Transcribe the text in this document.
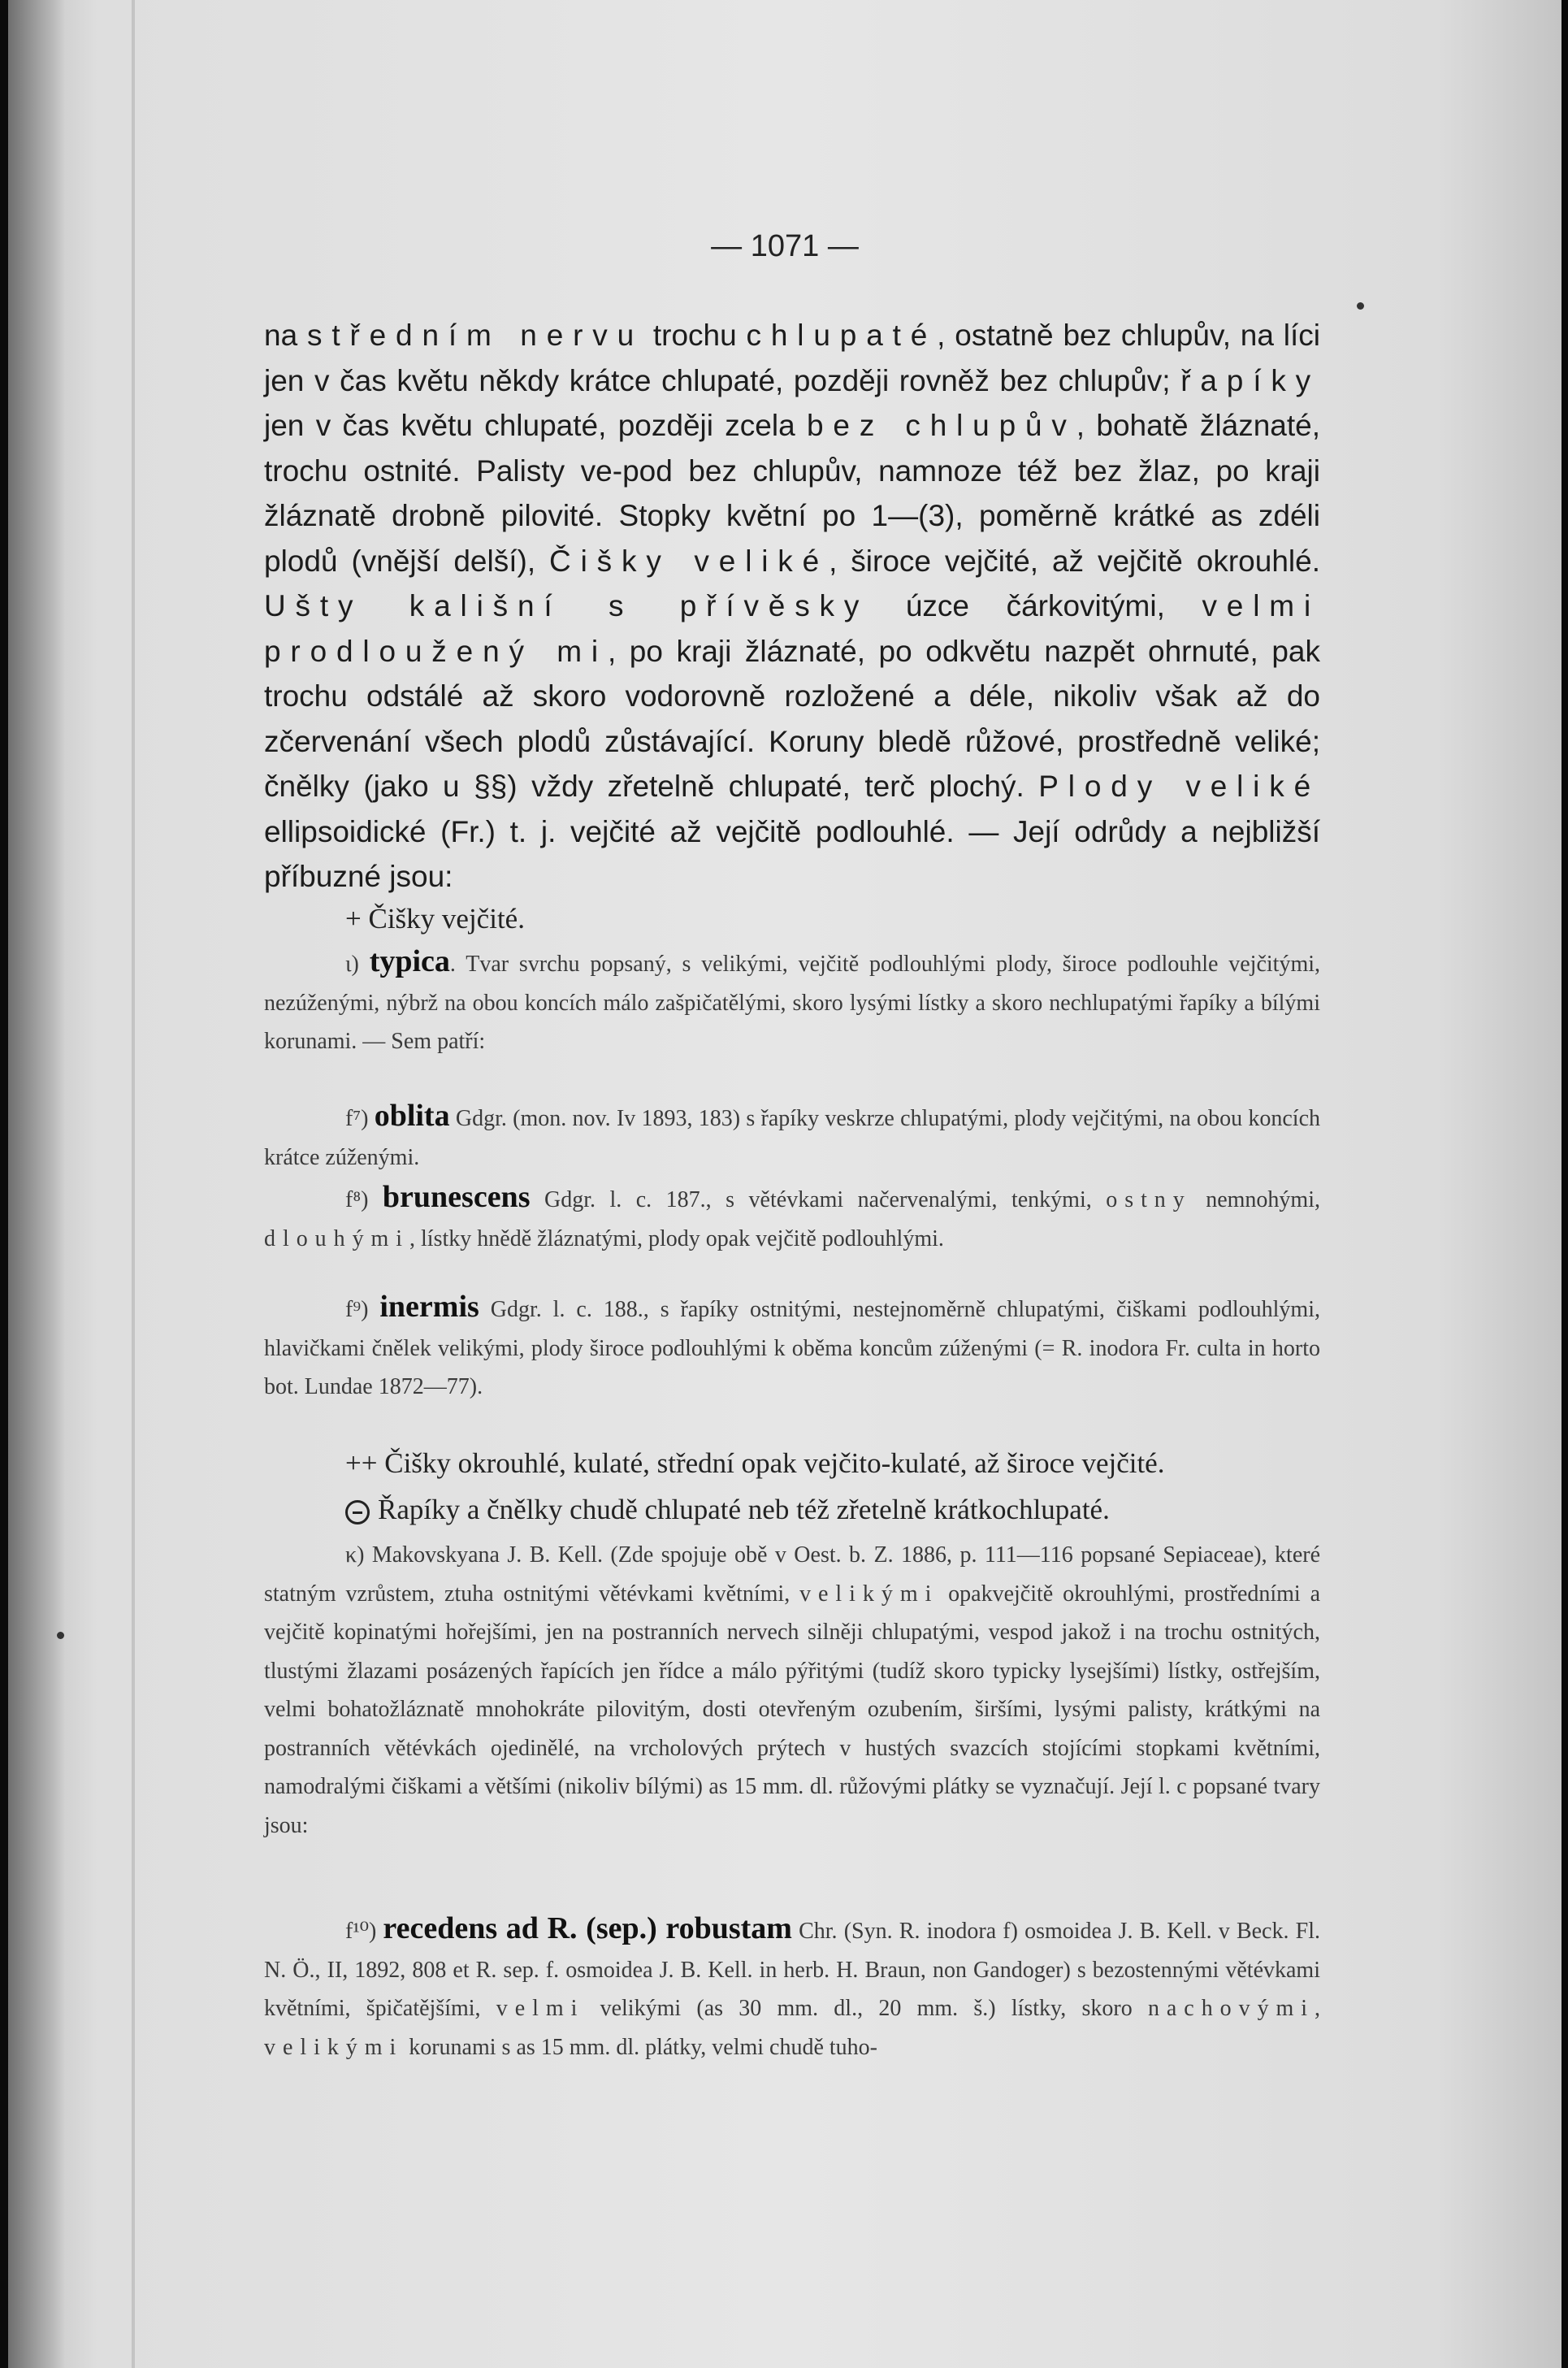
— 1071 —

na středním nervu trochu chlupaté, ostatně bez chlupův, na líci jen v čas květu někdy krátce chlupaté, později rovněž bez chlupův; řapíky jen v čas květu chlupaté, později zcela bez chlupův, bohatě žláznaté, trochu ostnité. Palisty ve-pod bez chlupův, namnoze též bez žlaz, po kraji žláznatě drobně pilovité. Stopky květní po 1—(3), poměrně krátké as zdéli plodů (vnější delší), Čišky veliké, široce vejčité, až vejčitě okrouhlé. Ušty kališní s přívěsky úzce čárkovitými, velmi prodloužený mi, po kraji žláznaté, po odkvětu nazpět ohrnuté, pak trochu odstálé až skoro vodorovně rozložené a déle, nikoliv však až do zčervenání všech plodů zůstávající. Koruny bledě růžové, prostředně veliké; čnělky (jako u §§) vždy zřetelně chlupaté, terč plochý. Plody veliké ellipsoidické (Fr.) t. j. vejčité až vejčitě podlouhlé. — Její odrůdy a nejbližší příbuzné jsou:

+ Čišky vejčité.

ι) typica. Tvar svrchu popsaný, s velikými, vejčitě podlouhlými plody, široce podlouhle vejčitými, nezúženými, nýbrž na obou koncích málo zašpičatělými, skoro lysými lístky a skoro nechlupatými řapíky a bílými korunami. — Sem patří:

f⁷) oblita Gdgr. (mon. nov. Iv 1893, 183) s řapíky veskrze chlupatými, plody vejčitými, na obou koncích krátce zúženými.

f⁸) brunescens Gdgr. l. c. 187., s větévkami načervenalými, tenkými, ostny nemnohými, dlouhými, lístky hnědě žláznatými, plody opak vejčitě podlouhlými.

f⁹) inermis Gdgr. l. c. 188., s řapíky ostnitými, nestejnoměrně chlupatými, čiškami podlouhlými, hlavičkami čnělek velikými, plody široce podlouhlými k oběma koncům zúženými (= R. inodora Fr. culta in horto bot. Lundae 1872—77).

++ Čišky okrouhlé, kulaté, střední opak vejčito-kulaté, až široce vejčité.

Řapíky a čnělky chudě chlupaté neb též zřetelně krátkochlupaté.

κ) Makovskyana J. B. Kell. (Zde spojuje obě v Oest. b. Z. 1886, p. 111—116 popsané Sepiaceae), které statným vzrůstem, ztuha ostnitými větévkami květními, velikými opakvejčitě okrouhlými, prostředními a vejčitě kopinatými hořejšími, jen na postranních nervech silněji chlupatými, vespod jakož i na trochu ostnitých, tlustými žlazami posázených řapících jen řídce a málo pýřitými (tudíž skoro typicky lysejšími) lístky, ostřejším, velmi bohatožláznatě mnohokráte pilovitým, dosti otevřeným ozubením, širšími, lysými palisty, krátkými na postranních větévkách ojedinělé, na vrcholových prýtech v hustých svazcích stojícími stopkami květními, namodralými čiškami a většími (nikoliv bílými) as 15 mm. dl. růžovými plátky se vyznačují. Její l. c popsané tvary jsou:

f¹⁰) recedens ad R. (sep.) robustam Chr. (Syn. R. inodora f) osmoidea J. B. Kell. v Beck. Fl. N. Ö., II, 1892, 808 et R. sep. f. osmoidea J. B. Kell. in herb. H. Braun, non Gandoger) s bezostennými větévkami květními, špičatějšími, velmi velikými (as 30 mm. dl., 20 mm. š.) lístky, skoro nachovými, velikými korunami s as 15 mm. dl. plátky, velmi chudě tuho-
